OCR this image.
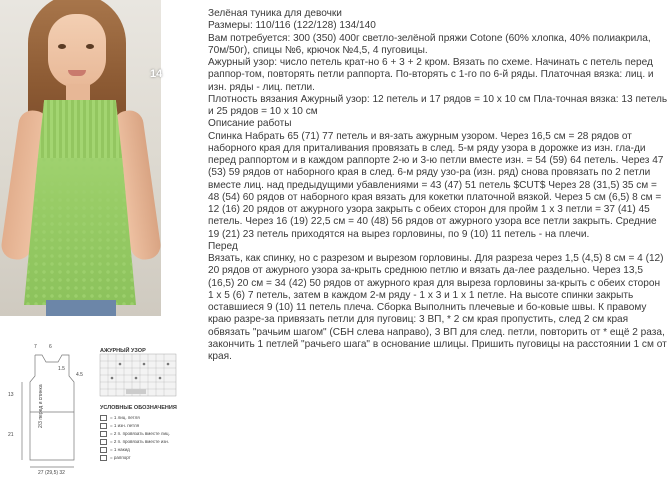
14
7 6
1.5
4.5
13
21
2/3 перед и спинка
27 (29,5) 32
АЖУРНЫЙ УЗОР
УСЛОВНЫЕ ОБОЗНАЧЕНИЯ
= 1 лиц. петля
= 1 изн. петля
= 2 п. провязать вместе лиц.
= 2 п. провязать вместе изн.
= 1 накид
= раппорт

Зелёная туника для девочки

Размеры: 110/116 (122/128) 134/140

Вам потребуется: 300 (350) 400г светло-зелёной пряжи Cotone (60% хлопка, 40% полиакрила, 70м/50г), спицы №6, крючок №4,5, 4 пуговицы.

Ажурный узор: число петель крат-но 6 + 3 + 2 кром. Вязать по схеме. Начинать с петель перед раппор-том, повторять петли раппорта. По-вторять с 1-го по 6-й ряды. Платочная вязка: лиц. и изн. ряды - лиц. петли.

Плотность вязания Ажурный узор: 12 петель и 17 рядов = 10 х 10 см Пла-точная вязка: 13 петель и 25 рядов = 10 х 10 см

Описание работы

Спинка Набрать 65 (71) 77 петель и вя-зать ажурным узором. Через 16,5 см = 28 рядов от наборного края для приталивания провязать в след. 5-м ряду узора в дорожке из изн. гла-ди перед раппортом и в каждом раппорте 2-ю и 3-ю петли вместе изн. = 54 (59) 64 петель. Через 47 (53) 59 рядов от наборного края в след. 6-м ряду узо-ра (изн. ряд) снова провязать по 2 петли вместе лиц. над предыдущими убавлениями = 43 (47) 51 петель $CUT$ Через 28 (31,5) 35 см = 48 (54) 60 рядов от наборного края вязать для кокетки платочной вязкой. Через 5 см (6,5) 8 см = 12 (16) 20 рядов от ажурного узора закрыть с обеих сторон для пройм 1 х 3 петли = 37 (41) 45 петель. Через 16 (19) 22,5 см = 40 (48) 56 рядов от ажурного узора все петли закрыть. Средние 19 (21) 23 петель приходятся на вырез горловины, по 9 (10) 11 петель - на плечи.

Перед

Вязать, как спинку, но с разрезом и вырезом горловины. Для разреза через 1,5 (4,5) 8 см = 4 (12) 20 рядов от ажурного узора за-крыть среднюю петлю и вязать да-лее раздельно. Через 13,5 (16,5) 20 см = 34 (42) 50 рядов от ажурного края для выреза горловины за-крыть с обеих сторон 1 х 5 (6) 7 петель, затем в каждом 2-м ряду - 1 х 3 и 1 х 1 петле. На высоте спинки закрыть оставшиеся 9 (10) 11 петель плеча. Сборка Выполнить плечевые и бо-ковые швы. К правому краю разре-за привязать петли для пуговиц: 3 ВП, * 2 см края пропустить, след 2 см края обвязать "рачьим шагом" (СБН слева направо), 3 ВП для след. петли, повторить от * ещё 2 раза, закончить 1 петлей "рачьего шага" в основание шлицы. Пришить пуговицы на расстоянии 1 см от края.
